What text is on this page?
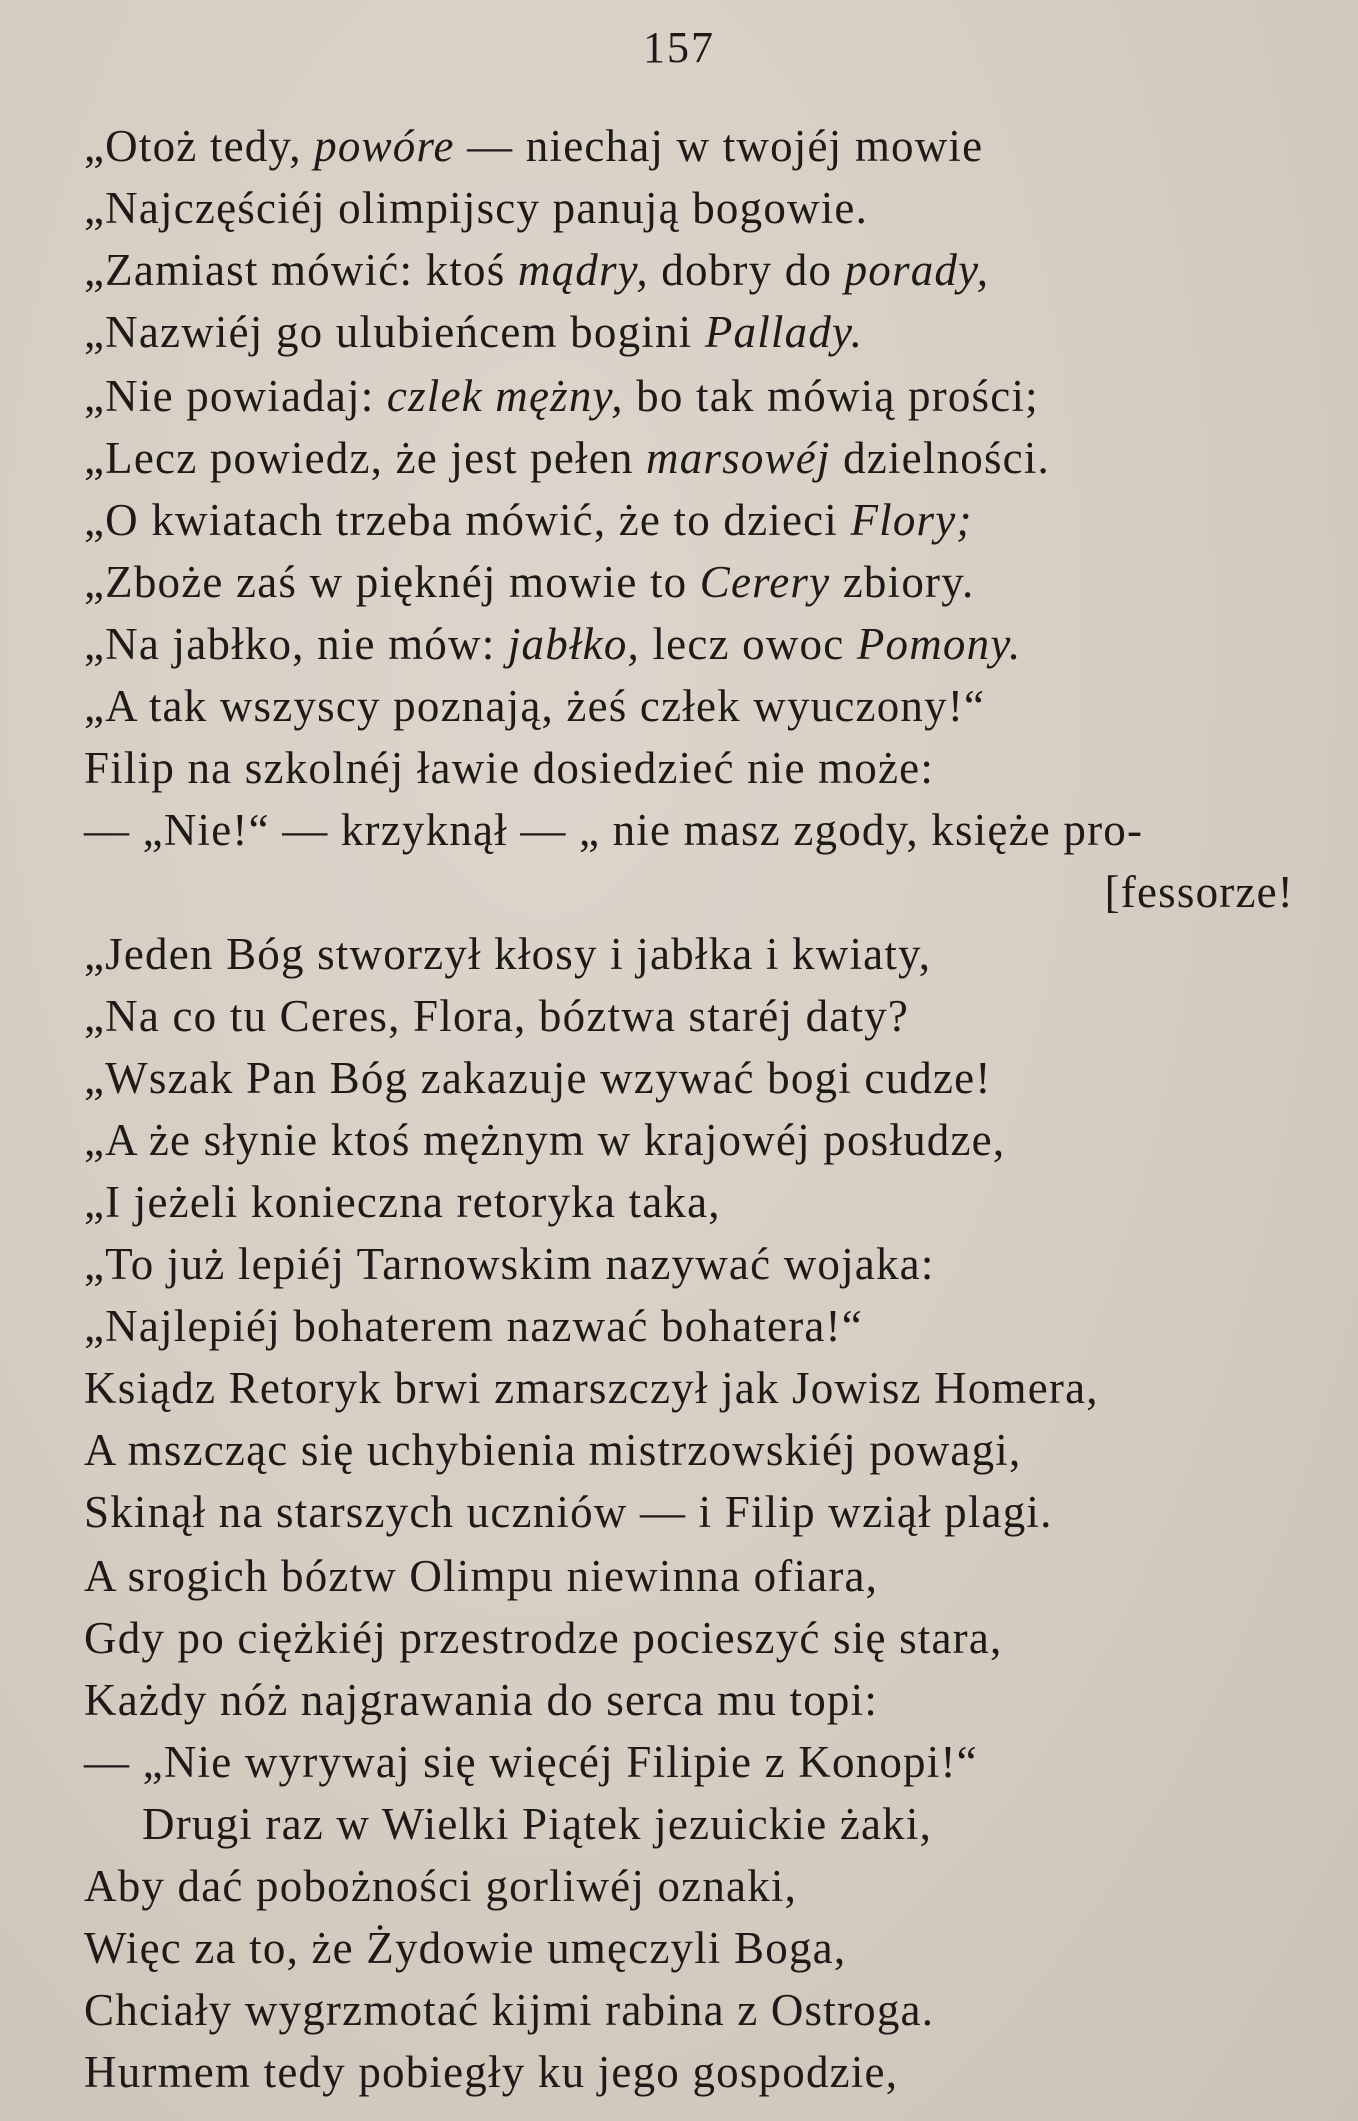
157
„Otoż tedy, powóre — niechaj w twojéj mowie
„Najczęściéj olimpijscy panują bogowie.
„Zamiast mówić: ktoś mądry, dobry do porady,
„Nazwiéj go ulubieńcem bogini Pallady.
„Nie powiadaj: czlek mężny, bo tak mówią prości;
„Lecz powiedz, że jest pełen marsowéj dzielności.
„O kwiatach trzeba mówić, że to dzieci Flory;
„Zboże zaś w pięknéj mowie to Cerery zbiory.
„Na jabłko, nie mów: jabłko, lecz owoc Pomony.
„A tak wszyscy poznają, żeś człek wyuczony!“
Filip na szkolnéj ławie dosiedzieć nie może:
— „Nie!“ — krzyknął — „ nie masz zgody, księże pro-
[fessorze!
„Jeden Bóg stworzył kłosy i jabłka i kwiaty,
„Na co tu Ceres, Flora, bóztwa staréj daty?
„Wszak Pan Bóg zakazuje wzywać bogi cudze!
„A że słynie ktoś mężnym w krajowéj posłudze,
„I jeżeli konieczna retoryka taka,
„To już lepiéj Tarnowskim nazywać wojaka:
„Najlepiéj bohaterem nazwać bohatera!“
Ksiądz Retoryk brwi zmarszczył jak Jowisz Homera,
A mszcząc się uchybienia mistrzowskiéj powagi,
Skinął na starszych uczniów — i Filip wziął plagi.
A srogich bóztw Olimpu niewinna ofiara,
Gdy po ciężkiéj przestrodze pocieszyć się stara,
Każdy nóż najgrawania do serca mu topi:
— „Nie wyrywaj się więcéj Filipie z Konopi!“
Drugi raz w Wielki Piątek jezuickie żaki,
Aby dać pobożności gorliwéj oznaki,
Więc za to, że Żydowie umęczyli Boga,
Chciały wygrzmotać kijmi rabina z Ostroga.
Hurmem tedy pobiegły ku jego gospodzie,
